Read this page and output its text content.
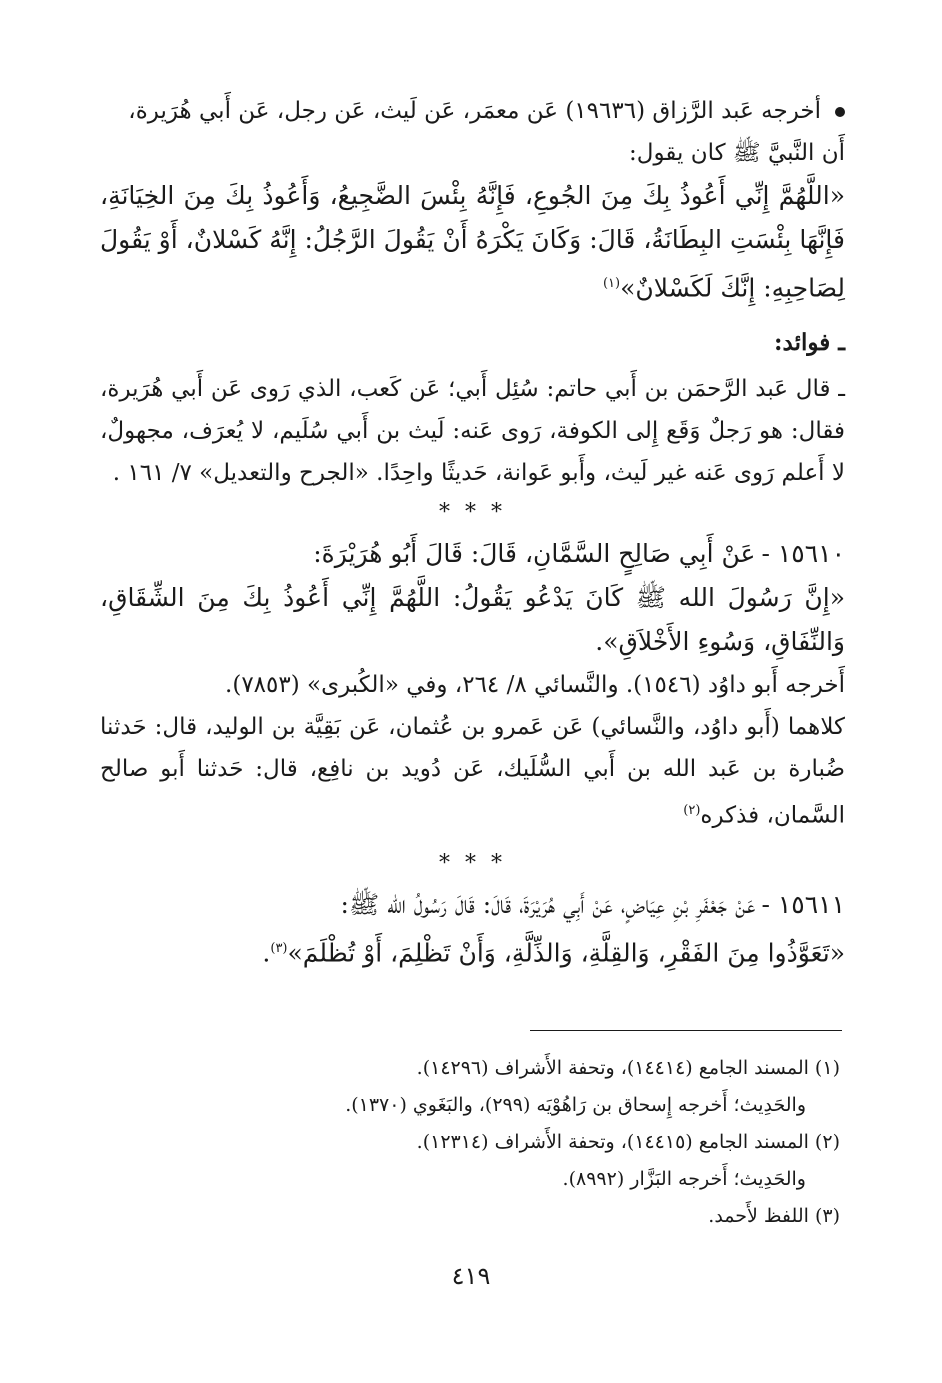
أخرجه عَبد الرَّزاق (١٩٦٣٦) عَن معمَر، عَن لَيث، عَن رجل، عَن أَبي هُرَيرة،

أَن النَّبيَّ ﷺ كان يقول:

«اللَّهُمَّ إِنِّي أَعُوذُ بِكَ مِنَ الجُوعِ، فَإِنَّهُ بِئْسَ الضَّجِيعُ، وَأَعُوذُ بِكَ مِنَ الخِيَانَةِ، فَإِنَّهَا بِئْسَتِ البِطَانَةُ، قَالَ: وَكَانَ يَكْرَهُ أَنْ يَقُولَ الرَّجُلُ: إِنَّهُ كَسْلانٌ، أَوْ يَقُولَ لِصَاحِبِهِ: إِنَّكَ لَكَسْلانٌ»$^{(١)}$

ـ فوائد:

ـ قال عَبد الرَّحمَن بن أَبي حاتم: سُئِل أَبي؛ عَن كَعب، الذي رَوى عَن أَبي هُرَيرة، فقال: هو رَجلٌ وَقَع إِلى الكوفة، رَوى عَنه: لَيث بن أَبي سُلَيم، لا يُعرَف، مجهولٌ، لا أَعلم رَوى عَنه غير لَيث، وأَبو عَوانة، حَديثًا واحِدًا. «الجرح والتعديل» ٧/ ١٦١ .

* * *

١٥٦١٠ -عَنْ أَبِي صَالِحٍ السَّمَّانِ، قَالَ: قَالَ أَبُو هُرَيْرَةَ:

«إِنَّ رَسُولَ الله ﷺ كَانَ يَدْعُو يَقُولُ: اللَّهُمَّ إِنِّي أَعُوذُ بِكَ مِنَ الشِّقَاقِ، وَالنِّفَاقِ، وَسُوءِ الأَخْلاَقِ».

أَخرجه أَبو داوُد (١٥٤٦). والنَّسائي ٨/ ٢٦٤، وفي «الكُبرى» (٧٨٥٣).

كلاهما (أَبو داوُد، والنَّسائي) عَن عَمرو بن عُثمان، عَن بَقِيَّة بن الوليد، قال: حَدثنا ضُبارة بن عَبد الله بن أَبي السُّلَيك، عَن دُويد بن نافِع، قال: حَدثنا أَبو صالح السَّمان، فذكره$^{(٢)}$

* * *

١٥٦١١ -عَنْ جَعْفَرِ بْنِ عِيَاضٍ، عَنْ أَبِي هُرَيْرَةَ، قَالَ: قَالَ رَسُولُ الله ﷺ:

«تَعَوَّذُوا مِنَ الفَقْرِ، وَالقِلَّةِ، وَالذِّلَّةِ، وَأَنْ تَظْلِمَ، أَوْ تُظْلَمَ»$^{(٣)}$.

(١) المسند الجامع (١٤٤١٤)، وتحفة الأَشراف (١٤٢٩٦).

والحَدِيث؛ أَخرجه إِسحاق بن رَاهُوْيَه (٢٩٩)، والبَغَوي (١٣٧٠).

(٢) المسند الجامع (١٤٤١٥)، وتحفة الأَشراف (١٢٣١٤).

والحَدِيث؛ أَخرجه البَزَّار (٨٩٩٢).

(٣) اللفظ لأَحمد.

٤١٩
